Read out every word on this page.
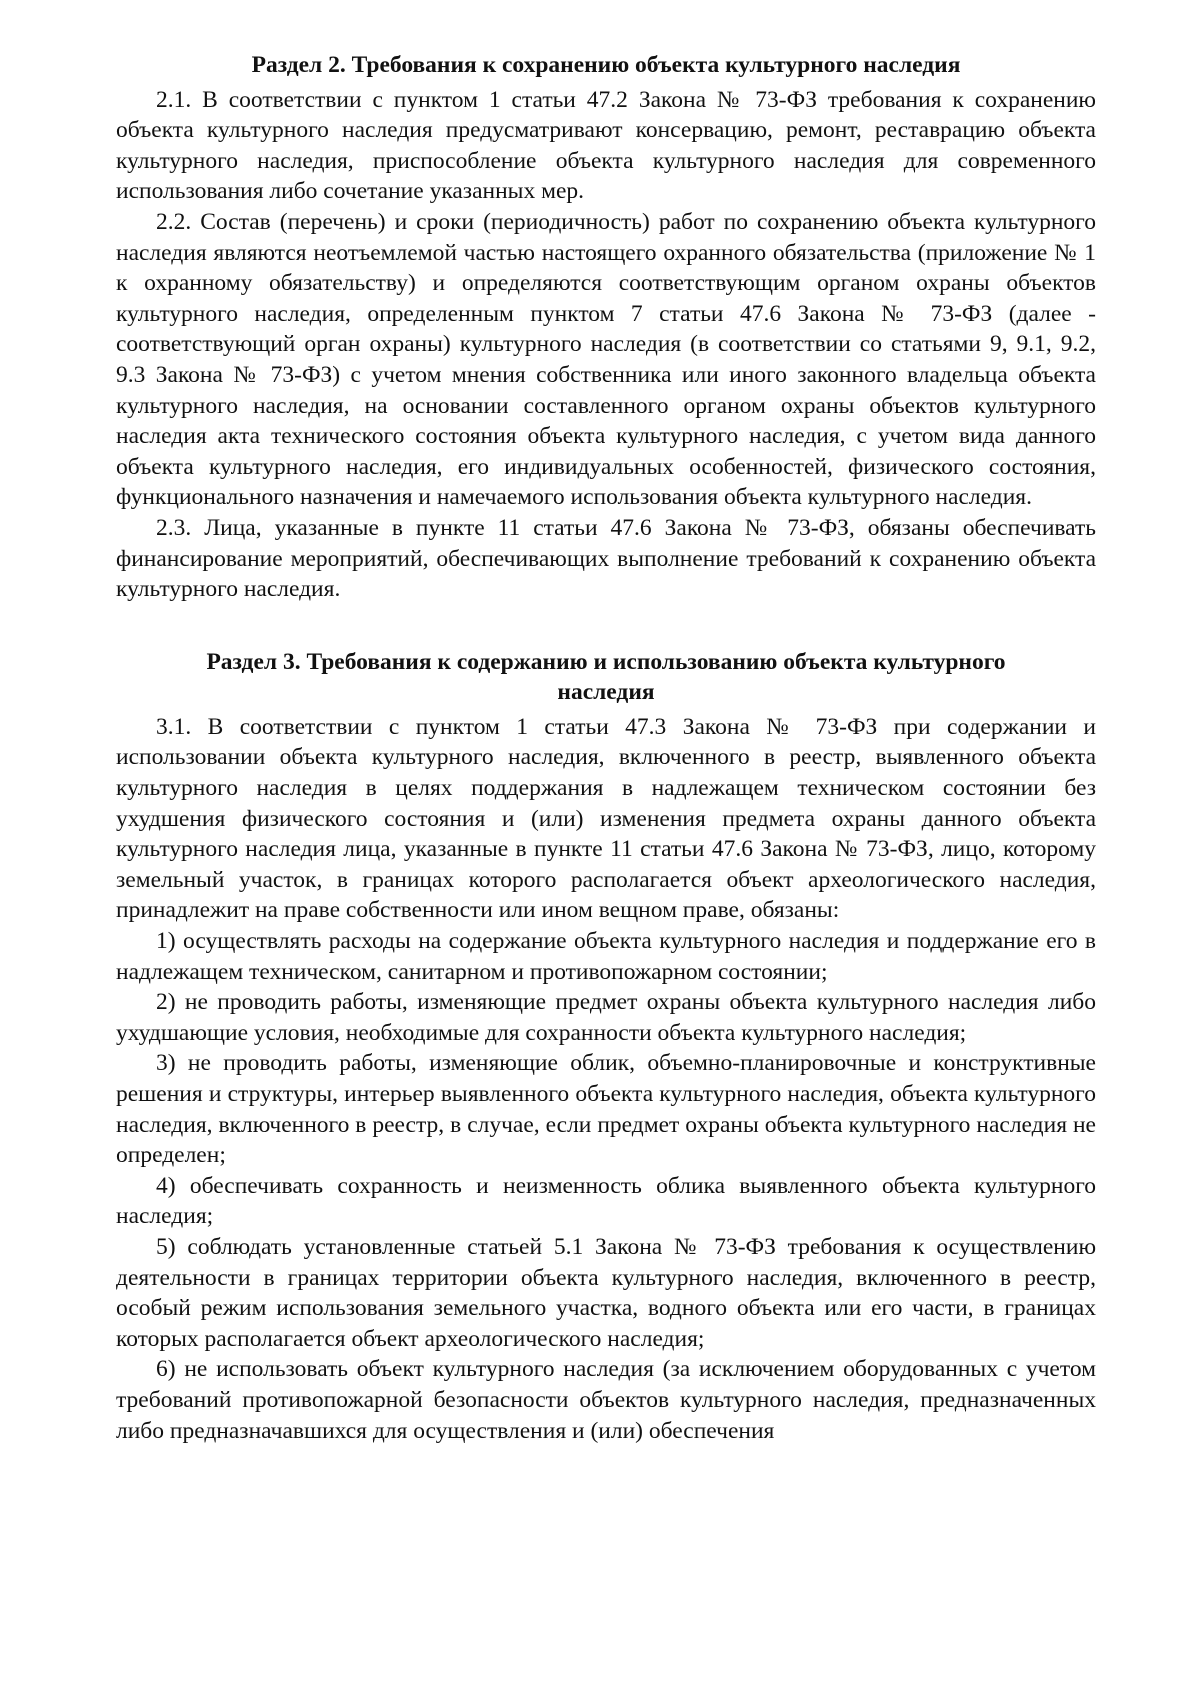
Раздел 2. Требования к сохранению объекта культурного наследия

2.1. В соответствии с пунктом 1 статьи 47.2 Закона № 73-ФЗ требования к сохранению объекта культурного наследия предусматривают консервацию, ремонт, реставрацию объекта культурного наследия, приспособление объекта культурного наследия для современного использования либо сочетание указанных мер.

2.2. Состав (перечень) и сроки (периодичность) работ по сохранению объекта культурного наследия являются неотъемлемой частью настоящего охранного обязательства (приложение № 1 к охранному обязательству) и определяются соответствующим органом охраны объектов культурного наследия, определенным пунктом 7 статьи 47.6 Закона № 73-ФЗ (далее - соответствующий орган охраны) культурного наследия (в соответствии со статьями 9, 9.1, 9.2, 9.3 Закона № 73-ФЗ) с учетом мнения собственника или иного законного владельца объекта культурного наследия, на основании составленного органом охраны объектов культурного наследия акта технического состояния объекта культурного наследия, с учетом вида данного объекта культурного наследия, его индивидуальных особенностей, физического состояния, функционального назначения и намечаемого использования объекта культурного наследия.

2.3. Лица, указанные в пункте 11 статьи 47.6 Закона № 73-ФЗ, обязаны обеспечивать финансирование мероприятий, обеспечивающих выполнение требований к сохранению объекта культурного наследия.

Раздел 3. Требования к содержанию и использованию объекта культурного наследия

3.1. В соответствии с пунктом 1 статьи 47.3 Закона № 73-ФЗ при содержании и использовании объекта культурного наследия, включенного в реестр, выявленного объекта культурного наследия в целях поддержания в надлежащем техническом состоянии без ухудшения физического состояния и (или) изменения предмета охраны данного объекта культурного наследия лица, указанные в пункте 11 статьи 47.6 Закона № 73-ФЗ, лицо, которому земельный участок, в границах которого располагается объект археологического наследия, принадлежит на праве собственности или ином вещном праве, обязаны:

1) осуществлять расходы на содержание объекта культурного наследия и поддержание его в надлежащем техническом, санитарном и противопожарном состоянии;

2) не проводить работы, изменяющие предмет охраны объекта культурного наследия либо ухудшающие условия, необходимые для сохранности объекта культурного наследия;

3) не проводить работы, изменяющие облик, объемно-планировочные и конструктивные решения и структуры, интерьер выявленного объекта культурного наследия, объекта культурного наследия, включенного в реестр, в случае, если предмет охраны объекта культурного наследия не определен;

4) обеспечивать сохранность и неизменность облика выявленного объекта культурного наследия;

5) соблюдать установленные статьей 5.1 Закона № 73-ФЗ требования к осуществлению деятельности в границах территории объекта культурного наследия, включенного в реестр, особый режим использования земельного участка, водного объекта или его части, в границах которых располагается объект археологического наследия;

6) не использовать объект культурного наследия (за исключением оборудованных с учетом требований противопожарной безопасности объектов культурного наследия, предназначенных либо предназначавшихся для осуществления и (или) обеспечения
